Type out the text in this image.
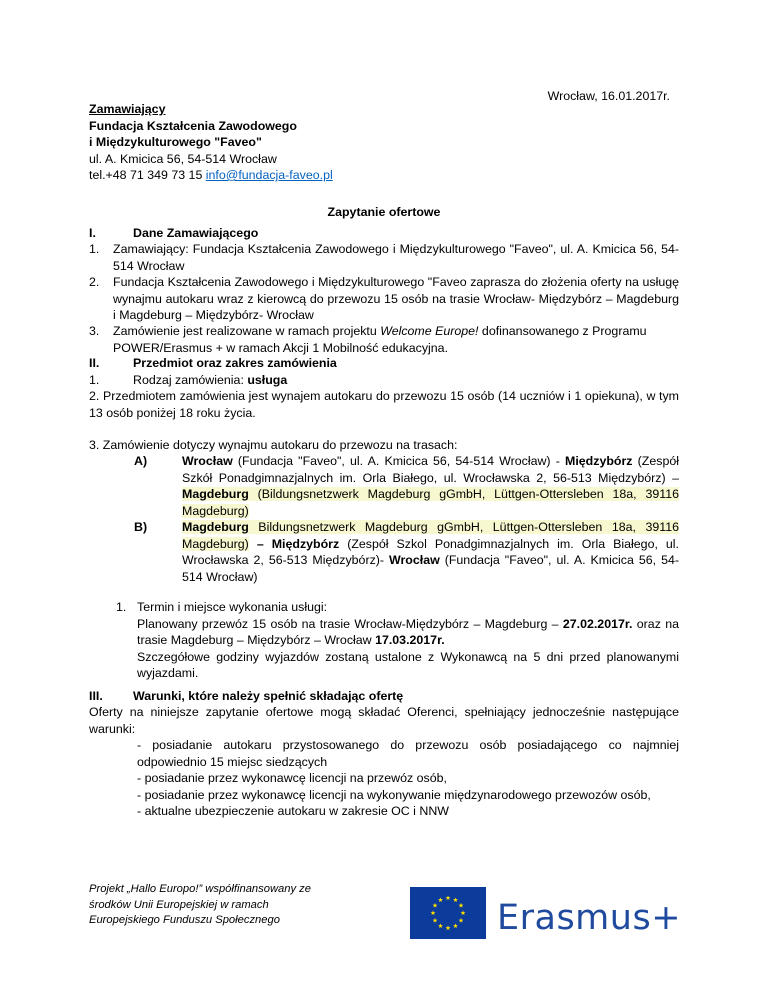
Wrocław, 16.01.2017r.
Zamawiający
Fundacja Kształcenia Zawodowego
i Międzykulturowego "Faveo"
ul. A. Kmicica 56, 54-514 Wrocław
tel.+48 71 349 73 15 info@fundacja-faveo.pl
Zapytanie ofertowe
I.	Dane Zamawiającego
1. Zamawiający: Fundacja Kształcenia Zawodowego i Międzykulturowego "Faveo", ul. A. Kmicica 56, 54-514 Wrocław
2. Fundacja Kształcenia Zawodowego i Międzykulturowego "Faveo zaprasza do złożenia oferty na usługę wynajmu autokaru wraz z kierowcą do przewozu 15 osób na trasie Wrocław- Międzybórz – Magdeburg i Magdeburg – Międzybórz- Wrocław
3. Zamówienie jest realizowane w ramach projektu Welcome Europe! dofinansowanego z Programu POWER/Erasmus + w ramach Akcji 1 Mobilność edukacyjna.
II.	Przedmiot oraz zakres zamówienia
1.	Rodzaj zamówienia: usługa
2. Przedmiotem zamówienia jest wynajem autokaru do przewozu 15 osób (14 uczniów i 1 opiekuna), w tym 13 osób poniżej 18 roku życia.
3. Zamówienie dotyczy wynajmu autokaru do przewozu na trasach:
A)	Wrocław (Fundacja "Faveo", ul. A. Kmicica 56, 54-514 Wrocław) - Międzybórz (Zespół Szkół Ponadgimnazjalnych im. Orla Białego, ul. Wrocławska 2, 56-513 Międzybórz) – Magdeburg (Bildungsnetzwerk Magdeburg gGmbH, Lüttgen-Ottersleben 18a, 39116 Magdeburg)
B)	Magdeburg Bildungsnetzwerk Magdeburg gGmbH, Lüttgen-Ottersleben 18a, 39116 Magdeburg) – Międzybórz (Zespół Szkol Ponadgimnazjalnych im. Orla Białego, ul. Wrocławska 2, 56-513 Międzybórz)- Wrocław (Fundacja "Faveo", ul. A. Kmicica 56, 54-514 Wrocław)
1. Termin i miejsce wykonania usługi:
Planowany przewóz 15 osób na trasie Wrocław-Międzybórz – Magdeburg – 27.02.2017r. oraz na trasie Magdeburg – Międzybórz – Wrocław 17.03.2017r.
Szczegółowe godziny wyjazdów zostaną ustalone z Wykonawcą na 5 dni przed planowanymi wyjazdami.
III. Warunki, które należy spełnić składając ofertę
Oferty na niniejsze zapytanie ofertowe mogą składać Oferenci, spełniający jednocześnie następujące warunki:
- posiadanie autokaru przystosowanego do przewozu osób posiadającego co najmniej odpowiednio 15 miejsc siedzących
- posiadanie przez wykonawcę licencji na przewóz osób,
- posiadanie przez wykonawcę licencji na wykonywanie międzynarodowego przewozów osób,
- aktualne ubezpieczenie autokaru w zakresie OC i NNW
Projekt „Hallo Europo!” współfinansowany ze
środków Unii Europejskiej w ramach
Europejskiego Funduszu Społecznego	Erasmus+
